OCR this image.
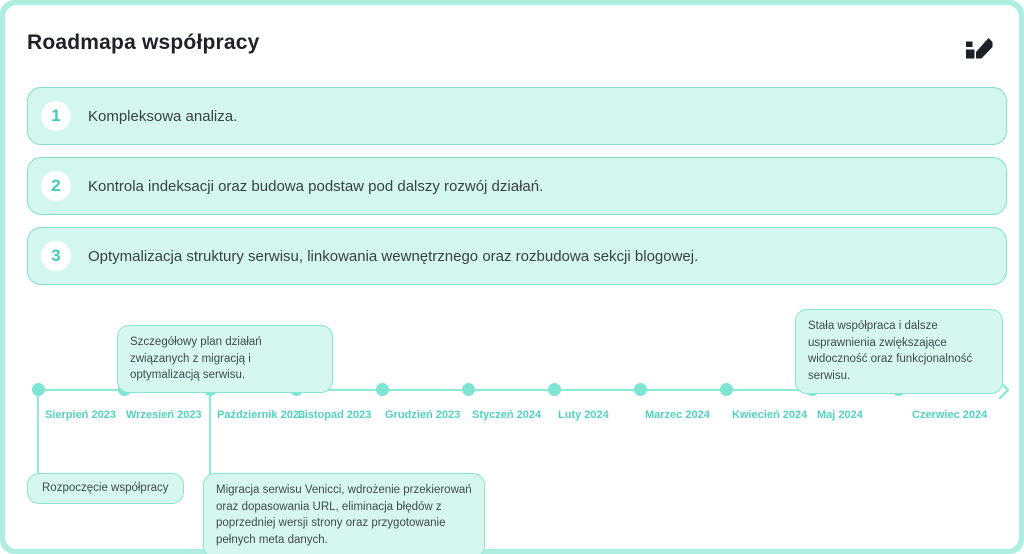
Roadmapa współpracy
1	Kompleksowa analiza.
2	Kontrola indeksacji oraz budowa podstaw pod dalszy rozwój działań.
3	Optymalizacja struktury serwisu, linkowania wewnętrznego oraz rozbudowa sekcji blogowej.
Sierpień 2023 Wrzesień 2023 Październik 2023
Listopad 2023 Grudzień 2023 Styczeń 2024 Luty 2024	Marzec 2024 Kwiecień 2024 Maj 2024	Czerwiec 2024
Szczegółowy plan działań związanych z migracją i optymalizacją serwisu.
Stała współpraca i dalsze usprawnienia zwiększające widoczność oraz funkcjonalność serwisu.
Rozpoczęcie współpracy	Migracja serwisu Venicci, wdrożenie przekierowań oraz dopasowania URL, eliminacja błędów z poprzedniej wersji strony oraz przygotowanie pełnych meta danych.
